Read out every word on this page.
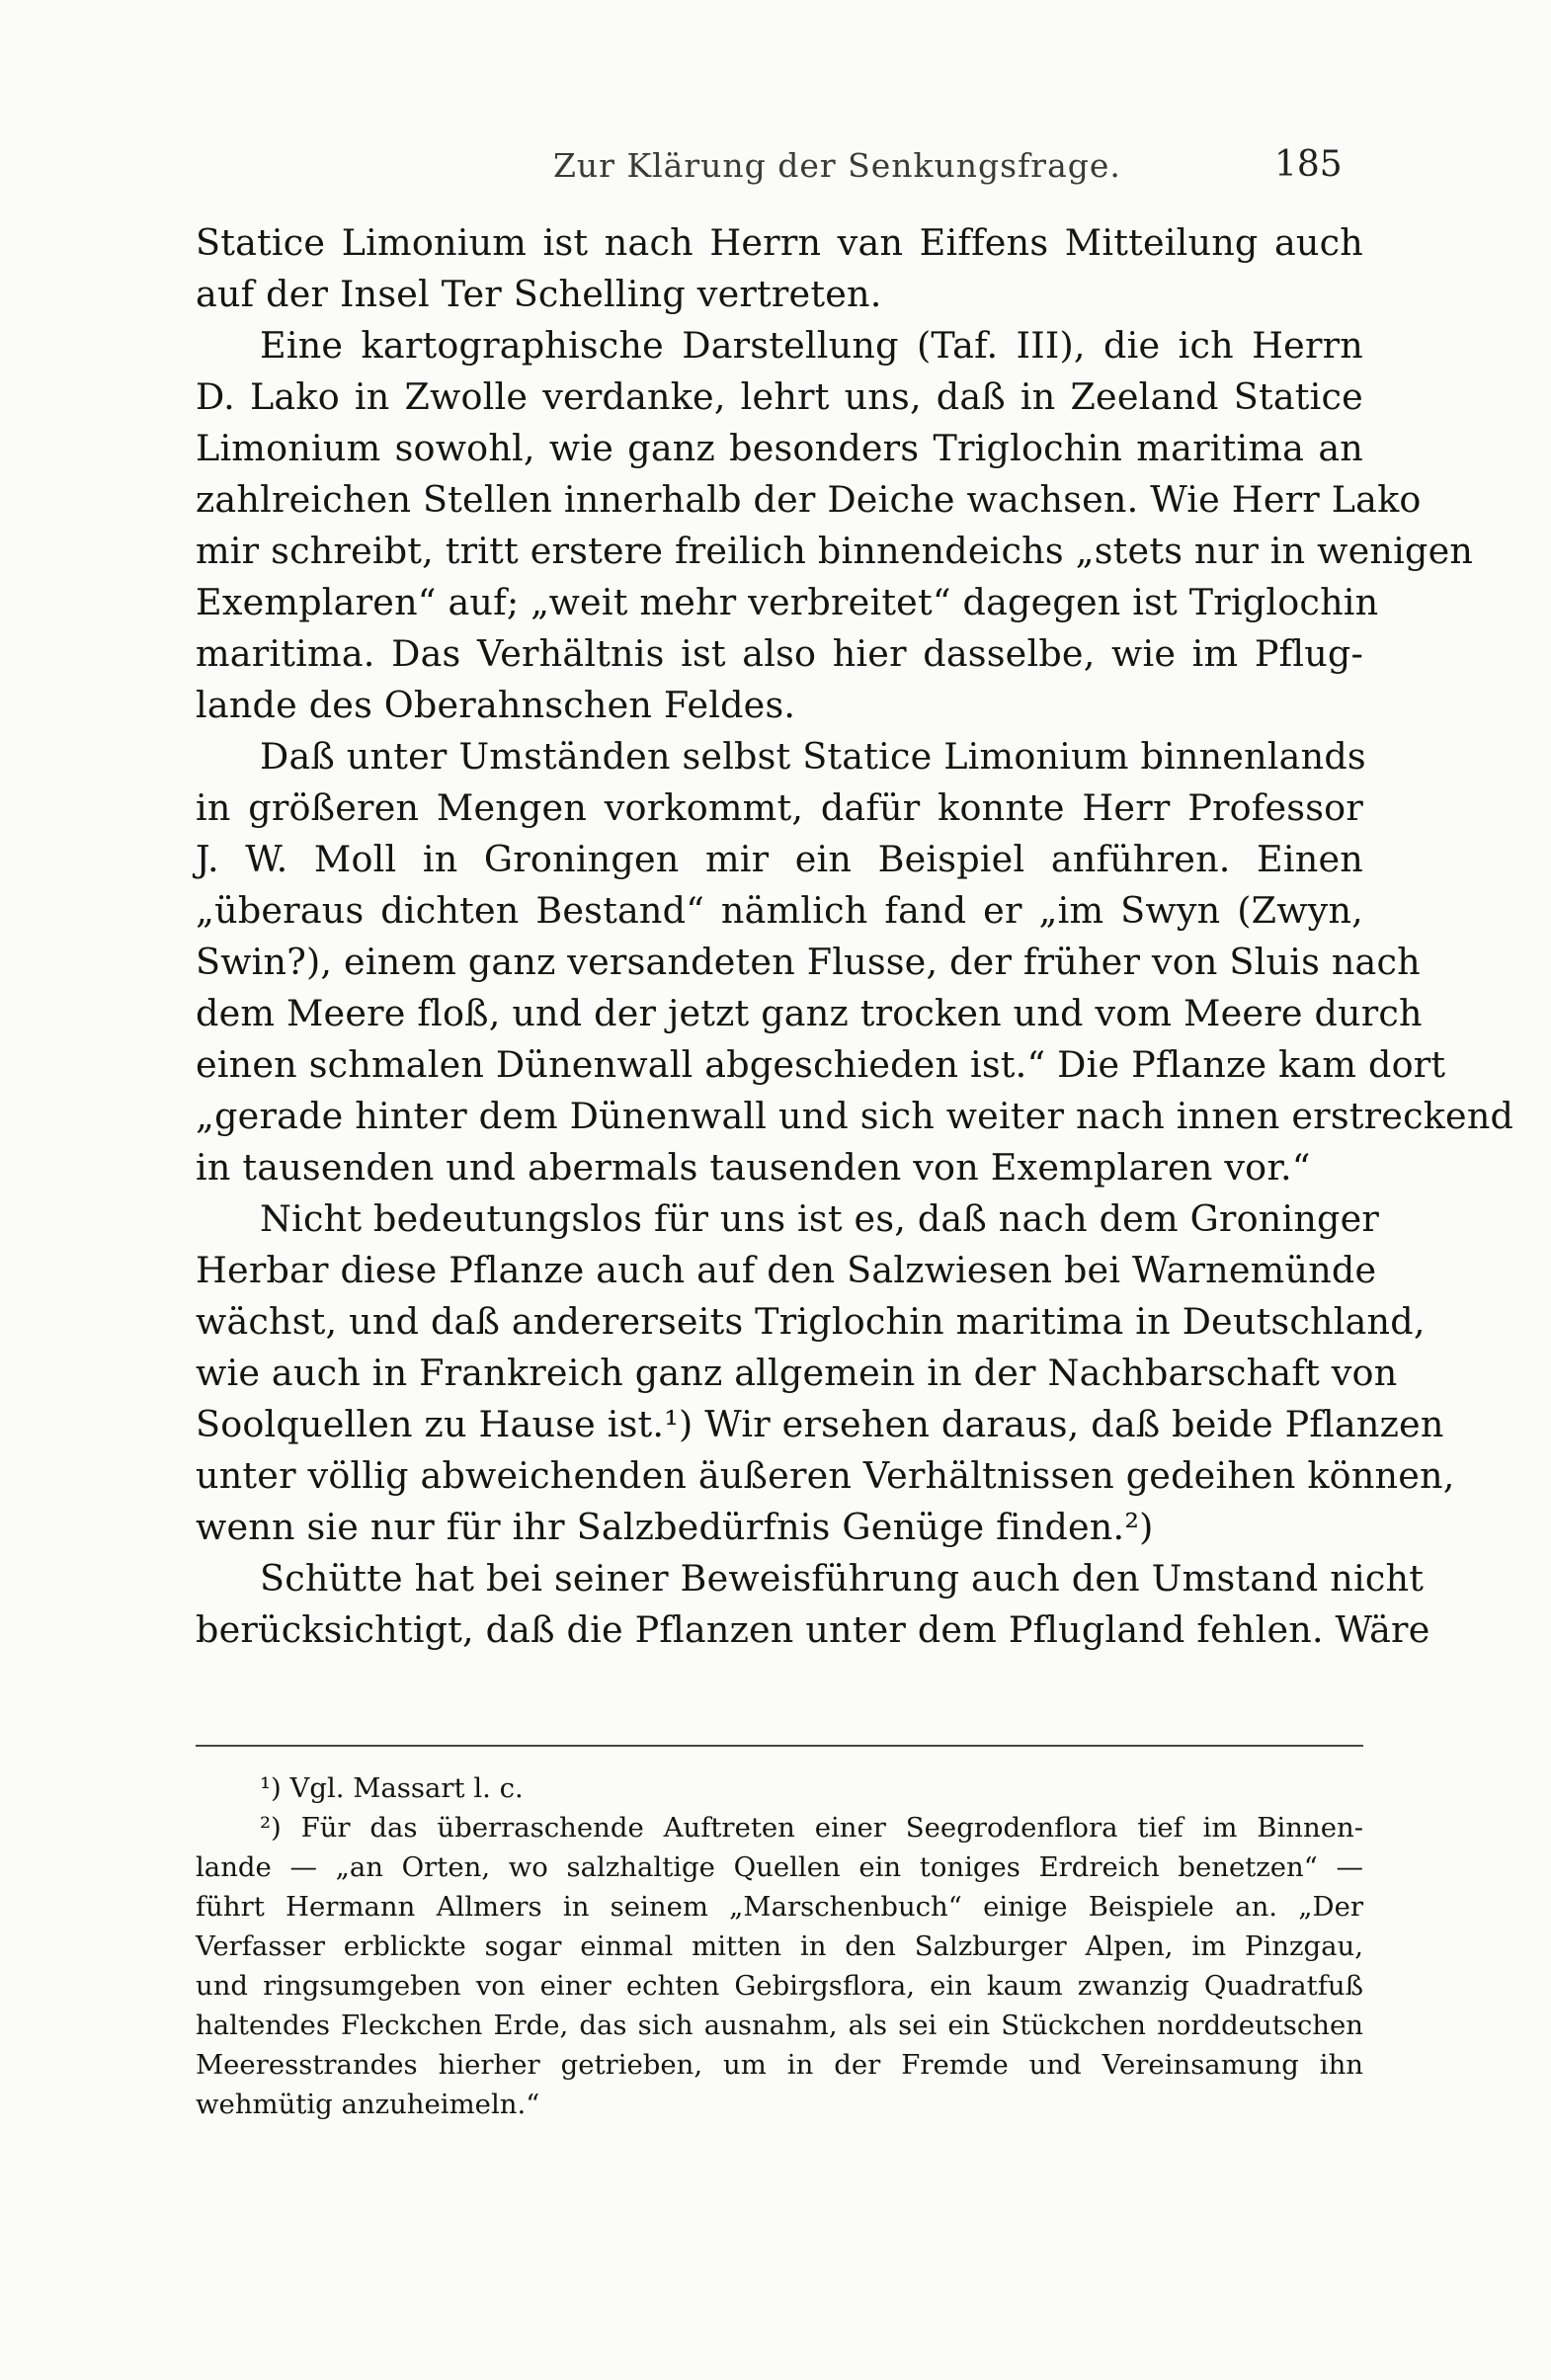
Zur Klärung der Senkungsfrage.	185
Statice Limonium ist nach Herrn van Eiffens Mitteilung auch
auf der Insel Ter Schelling vertreten.
Eine kartographische Darstellung (Taf. III), die ich Herrn
D. Lako in Zwolle verdanke, lehrt uns, daß in Zeeland Statice
Limonium sowohl, wie ganz besonders Triglochin maritima an
zahlreichen Stellen innerhalb der Deiche wachsen. Wie Herr Lako
mir schreibt, tritt erstere freilich binnendeichs „stets nur in wenigen
Exemplaren“ auf; „weit mehr verbreitet“ dagegen ist Triglochin
maritima. Das Verhältnis ist also hier dasselbe, wie im Pflug-
lande des Oberahnschen Feldes.
Daß unter Umständen selbst Statice Limonium binnenlands
in größeren Mengen vorkommt, dafür konnte Herr Professor
J. W. Moll in Groningen mir ein Beispiel anführen. Einen
„überaus dichten Bestand“ nämlich fand er „im Swyn (Zwyn,
Swin?), einem ganz versandeten Flusse, der früher von Sluis nach
dem Meere floß, und der jetzt ganz trocken und vom Meere durch
einen schmalen Dünenwall abgeschieden ist.“ Die Pflanze kam dort
„gerade hinter dem Dünenwall und sich weiter nach innen erstreckend
in tausenden und abermals tausenden von Exemplaren vor.“
Nicht bedeutungslos für uns ist es, daß nach dem Groninger
Herbar diese Pflanze auch auf den Salzwiesen bei Warnemünde
wächst, und daß andererseits Triglochin maritima in Deutschland,
wie auch in Frankreich ganz allgemein in der Nachbarschaft von
Soolquellen zu Hause ist.¹) Wir ersehen daraus, daß beide Pflanzen
unter völlig abweichenden äußeren Verhältnissen gedeihen können,
wenn sie nur für ihr Salzbedürfnis Genüge finden.²)
Schütte hat bei seiner Beweisführung auch den Umstand nicht
berücksichtigt, daß die Pflanzen unter dem Pflugland fehlen. Wäre
¹) Vgl. Massart l. c.
²) Für das überraschende Auftreten einer Seegrodenflora tief im Binnen-
lande — „an Orten, wo salzhaltige Quellen ein toniges Erdreich benetzen“ —
führt Hermann Allmers in seinem „Marschenbuch“ einige Beispiele an. „Der
Verfasser erblickte sogar einmal mitten in den Salzburger Alpen, im Pinzgau,
und ringsumgeben von einer echten Gebirgsflora, ein kaum zwanzig Quadratfuß
haltendes Fleckchen Erde, das sich ausnahm, als sei ein Stückchen norddeutschen
Meeresstrandes hierher getrieben, um in der Fremde und Vereinsamung ihn
wehmütig anzuheimeln.“
